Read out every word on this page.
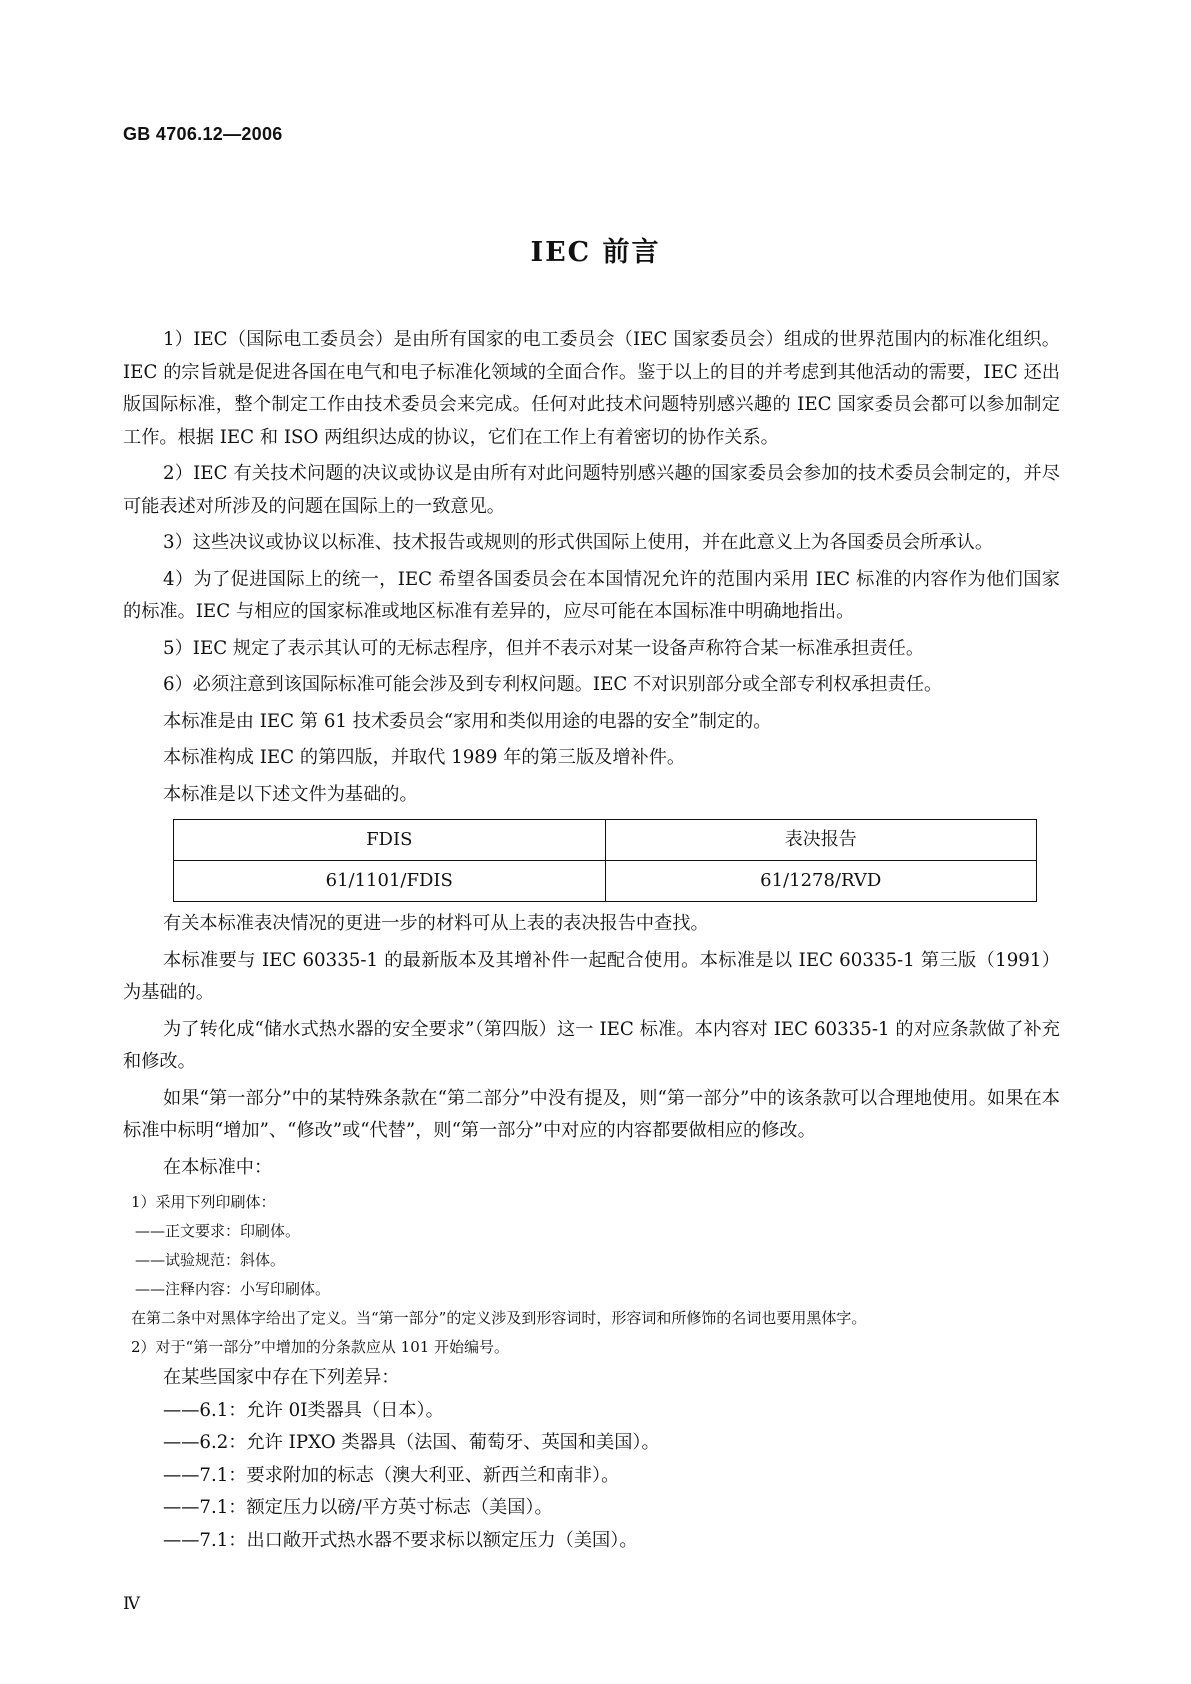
GB 4706.12—2006
IEC 前言

1）IEC（国际电工委员会）是由所有国家的电工委员会（IEC 国家委员会）组成的世界范围内的标准化组织。IEC 的宗旨就是促进各国在电气和电子标准化领域的全面合作。鉴于以上的目的并考虑到其他活动的需要，IEC 还出版国际标准，整个制定工作由技术委员会来完成。任何对此技术问题特别感兴趣的 IEC 国家委员会都可以参加制定工作。根据 IEC 和 ISO 两组织达成的协议，它们在工作上有着密切的协作关系。

2）IEC 有关技术问题的决议或协议是由所有对此问题特别感兴趣的国家委员会参加的技术委员会制定的，并尽可能表述对所涉及的问题在国际上的一致意见。

3）这些决议或协议以标准、技术报告或规则的形式供国际上使用，并在此意义上为各国委员会所承认。

4）为了促进国际上的统一，IEC 希望各国委员会在本国情况允许的范围内采用 IEC 标准的内容作为他们国家的标准。IEC 与相应的国家标准或地区标准有差异的，应尽可能在本国标准中明确地指出。

5）IEC 规定了表示其认可的无标志程序，但并不表示对某一设备声称符合某一标准承担责任。

6）必须注意到该国际标准可能会涉及到专利权问题。IEC 不对识别部分或全部专利权承担责任。

本标准是由 IEC 第 61 技术委员会“家用和类似用途的电器的安全”制定的。

本标准构成 IEC 的第四版，并取代 1989 年的第三版及增补件。

本标准是以下述文件为基础的。

FDIS	表决报告
61/1101/FDIS	61/1278/RVD

有关本标准表决情况的更进一步的材料可从上表的表决报告中查找。

本标准要与 IEC 60335-1 的最新版本及其增补件一起配合使用。本标准是以 IEC 60335-1 第三版（1991）为基础的。

为了转化成“储水式热水器的安全要求”（第四版）这一 IEC 标准。本内容对 IEC 60335-1 的对应条款做了补充和修改。

如果“第一部分”中的某特殊条款在“第二部分”中没有提及，则“第一部分”中的该条款可以合理地使用。如果在本标准中标明“增加”、“修改”或“代替”，则“第一部分”中对应的内容都要做相应的修改。

在本标准中：

1）采用下列印刷体：

——正文要求：印刷体。

——试验规范：斜体。

——注释内容：小写印刷体。

在第二条中对黑体字给出了定义。当“第一部分”的定义涉及到形容词时，形容词和所修饰的名词也要用黑体字。

2）对于“第一部分”中增加的分条款应从 101 开始编号。

在某些国家中存在下列差异：

——6.1：允许 0Ⅰ类器具（日本）。

——6.2：允许 IPXO 类器具（法国、葡萄牙、英国和美国）。

——7.1：要求附加的标志（澳大利亚、新西兰和南非）。

——7.1：额定压力以磅/平方英寸标志（美国）。

——7.1：出口敞开式热水器不要求标以额定压力（美国）。

Ⅳ
